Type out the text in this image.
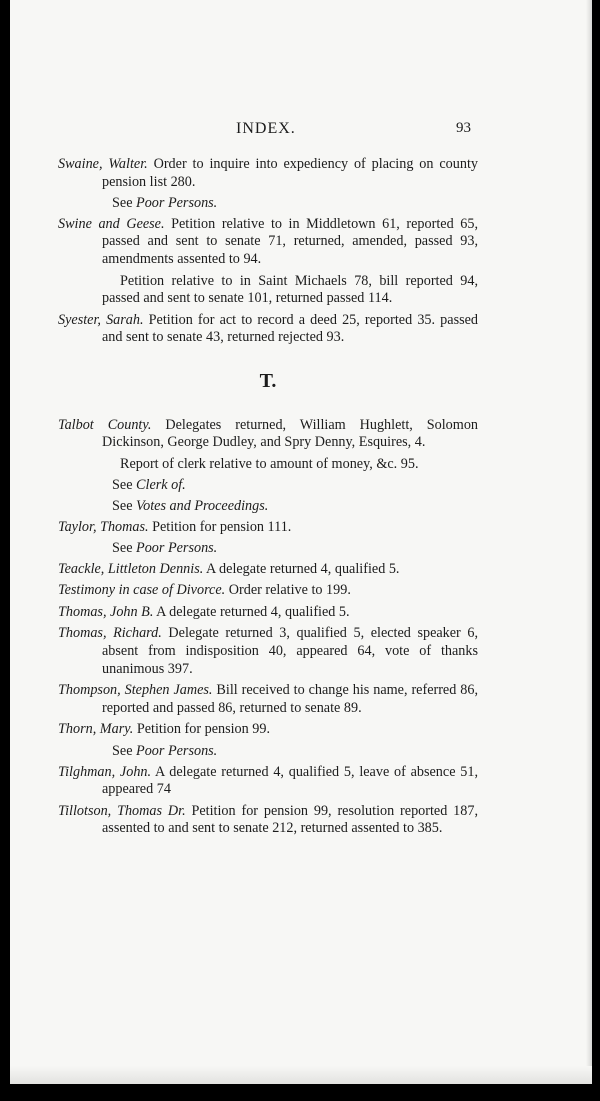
INDEX.	93
Swaine, Walter. Order to inquire into expediency of placing on county pension list 280.
See Poor Persons.
Swine and Geese. Petition relative to in Middletown 61, reported 65, passed and sent to senate 71, returned, amended, passed 93, amendments assented to 94.
Petition relative to in Saint Michaels 78, bill reported 94, passed and sent to senate 101, returned passed 114.
Syester, Sarah. Petition for act to record a deed 25, reported 35. passed and sent to senate 43, returned rejected 93.
T.
Talbot County. Delegates returned, William Hughlett, Solomon Dickinson, George Dudley, and Spry Denny, Esquires, 4.
Report of clerk relative to amount of money, &c. 95.
See Clerk of.
See Votes and Proceedings.
Taylor, Thomas. Petition for pension 111.
See Poor Persons.
Teackle, Littleton Dennis. A delegate returned 4, qualified 5.
Testimony in case of Divorce. Order relative to 199.
Thomas, John B. A delegate returned 4, qualified 5.
Thomas, Richard. Delegate returned 3, qualified 5, elected speaker 6, absent from indisposition 40, appeared 64, vote of thanks unanimous 397.
Thompson, Stephen James. Bill received to change his name, referred 86, reported and passed 86, returned to senate 89.
Thorn, Mary. Petition for pension 99.
See Poor Persons.
Tilghman, John. A delegate returned 4, qualified 5, leave of absence 51, appeared 74
Tillotson, Thomas Dr. Petition for pension 99, resolution reported 187, assented to and sent to senate 212, returned assented to 385.
